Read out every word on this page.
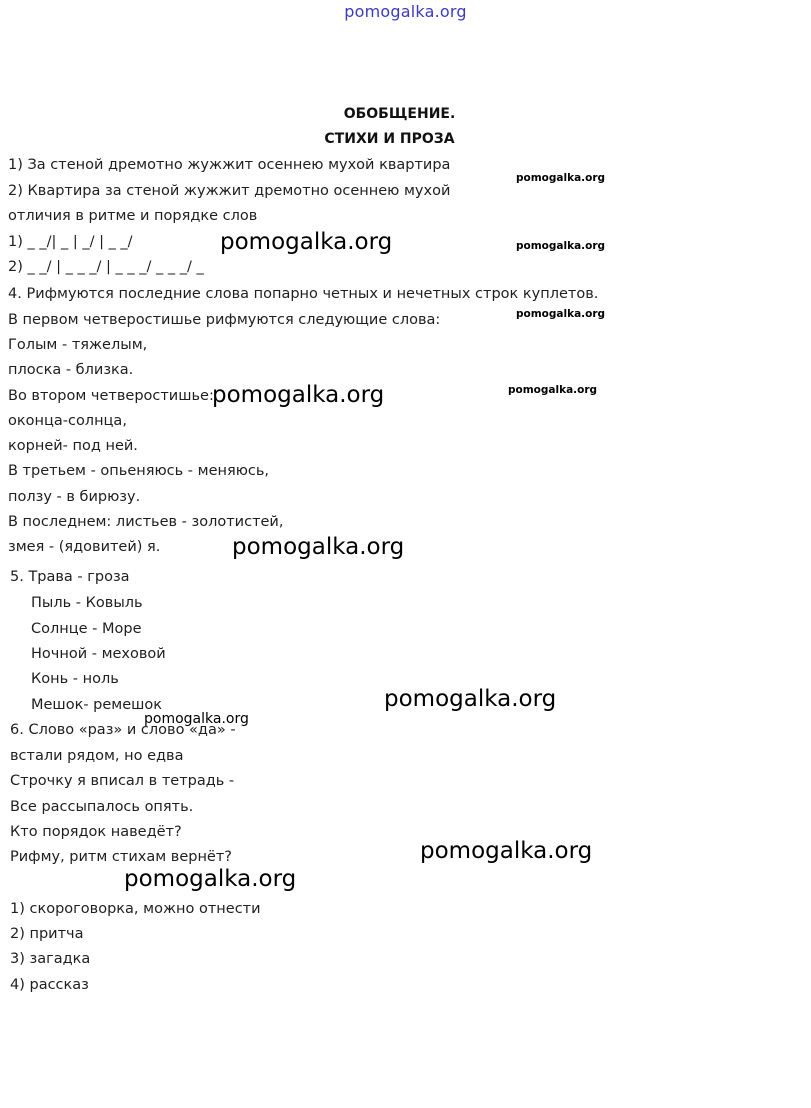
pomogalka.org
ОБОБЩЕНИЕ.
СТИХИ И ПРОЗА
1) За стеной дремотно жужжит осеннею мухой квартира
2) Квартира за стеной жужжит дремотно осеннею мухой
отличия в ритме и порядке слов
1) _ _/| _ | _/ | _ _/
2) _ _/ | _ _ _/ | _ _ _/ _ _ _/ _
4. Рифмуются последние слова попарно четных и нечетных строк куплетов.
В первом четверостишье рифмуются следующие слова:
Голым - тяжелым,
плоска - близка.
Во втором четверостишье:
оконца-солнца,
корней- под ней.
В третьем - опьеняюсь - меняюсь,
ползу - в бирюзу.
В последнем: листьев - золотистей,
змея - (ядовитей) я.
5. Трава - гроза
Пыль - Ковыль
Солнце - Море
Ночной - меховой
Конь - ноль
Мешок- ремешок
6. Слово «раз» и слово «да» -
встали рядом, но едва
Строчку я вписал в тетрадь -
Все рассыпалось опять.
Кто порядок наведёт?
Рифму, ритм стихам вернёт?
1) скороговорка, можно отнести
2) притча
3) загадка
4) рассказ
pomogalka.org
pomogalka.org
pomogalka.org
pomogalka.org
pomogalka.org
pomogalka.org
pomogalka.org
pomogalka.org
pomogalka.org
pomogalka.org
pomogalka.org
